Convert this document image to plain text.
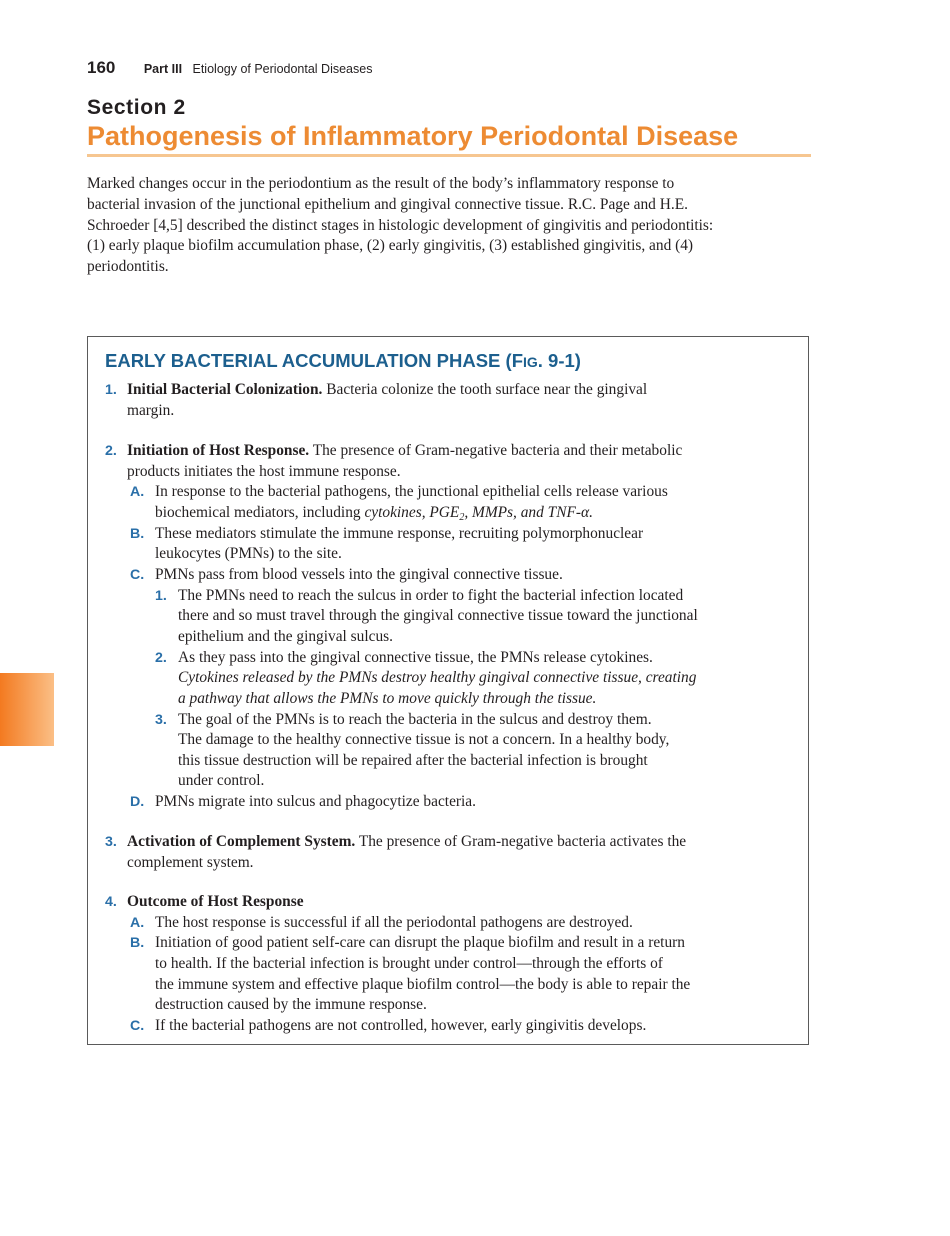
160 Part III Etiology of Periodontal Diseases
Section 2
Pathogenesis of Inflammatory Periodontal Disease

Marked changes occur in the periodontium as the result of the body’s inflammatory response to bacterial invasion of the junctional epithelium and gingival connective tissue. R.C. Page and H.E. Schroeder [4,5] described the distinct stages in histologic development of gingivitis and periodontitis: (1) early plaque biofilm accumulation phase, (2) early gingivitis, (3) established gingivitis, and (4) periodontitis.

EARLY BACTERIAL ACCUMULATION PHASE (FIG. 9-1)
1. Initial Bacterial Colonization. Bacteria colonize the tooth surface near the gingival
margin.
2. Initiation of Host Response. The presence of Gram-negative bacteria and their metabolic
products initiates the host immune response.
A. In response to the bacterial pathogens, the junctional epithelial cells release various
biochemical mediators, including cytokines, $PGE_2$, MMPs, and TNF-α.
B. These mediators stimulate the immune response, recruiting polymorphonuclear
leukocytes (PMNs) to the site.
C. PMNs pass from blood vessels into the gingival connective tissue.
1. The PMNs need to reach the sulcus in order to fight the bacterial infection located
there and so must travel through the gingival connective tissue toward the junctional
epithelium and the gingival sulcus.
2. As they pass into the gingival connective tissue, the PMNs release cytokines.
Cytokines released by the PMNs destroy healthy gingival connective tissue, creating
a pathway that allows the PMNs to move quickly through the tissue.
3. The goal of the PMNs is to reach the bacteria in the sulcus and destroy them.
The damage to the healthy connective tissue is not a concern. In a healthy body,
this tissue destruction will be repaired after the bacterial infection is brought
under control.
D. PMNs migrate into sulcus and phagocytize bacteria.
3. Activation of Complement System. The presence of Gram-negative bacteria activates the
complement system.
4. Outcome of Host Response
A. The host response is successful if all the periodontal pathogens are destroyed.
B. Initiation of good patient self-care can disrupt the plaque biofilm and result in a return
to health. If the bacterial infection is brought under control—through the efforts of
the immune system and effective plaque biofilm control—the body is able to repair the
destruction caused by the immune response.
C. If the bacterial pathogens are not controlled, however, early gingivitis develops.
